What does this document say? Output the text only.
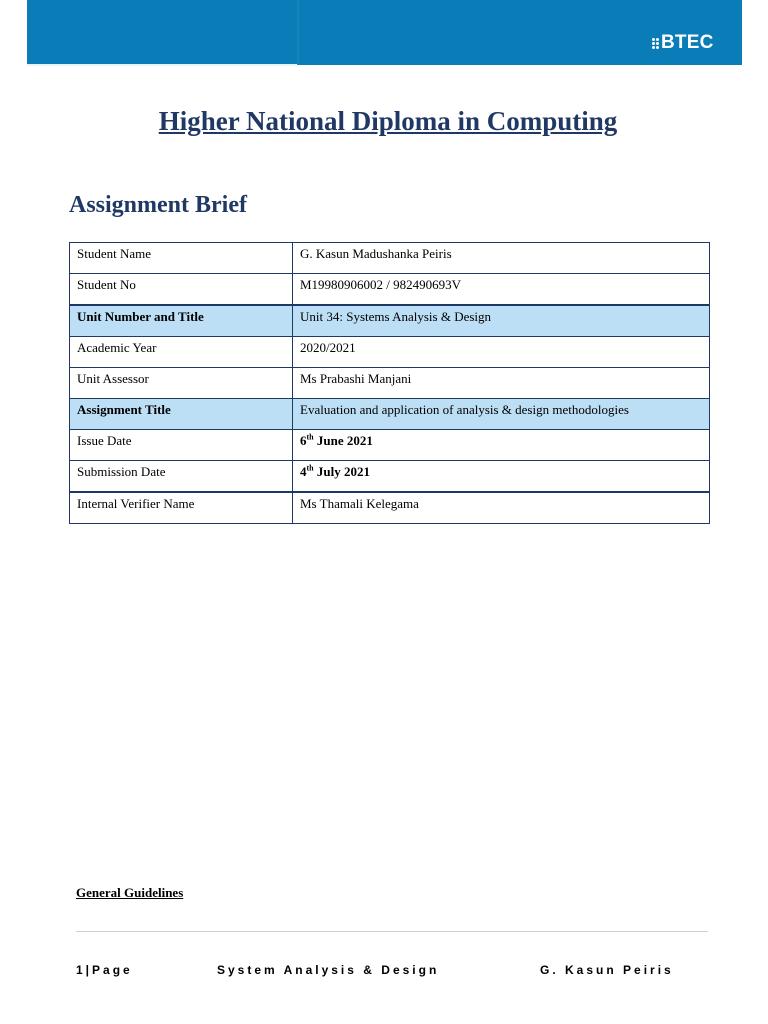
BTEC
Higher National Diploma in Computing
Assignment Brief
Student Name	G. Kasun Madushanka Peiris
Student No	M19980906002 / 982490693V
Unit Number and Title	Unit 34: Systems Analysis & Design
Academic Year	2020/2021
Unit Assessor	Ms Prabashi Manjani
Assignment Title	Evaluation and application of analysis & design methodologies
Issue Date	6th June 2021
Submission Date	4th July 2021
Internal Verifier Name	Ms Thamali Kelegama

General Guidelines

1|Page	System Analysis & Design	G. Kasun Peiris
